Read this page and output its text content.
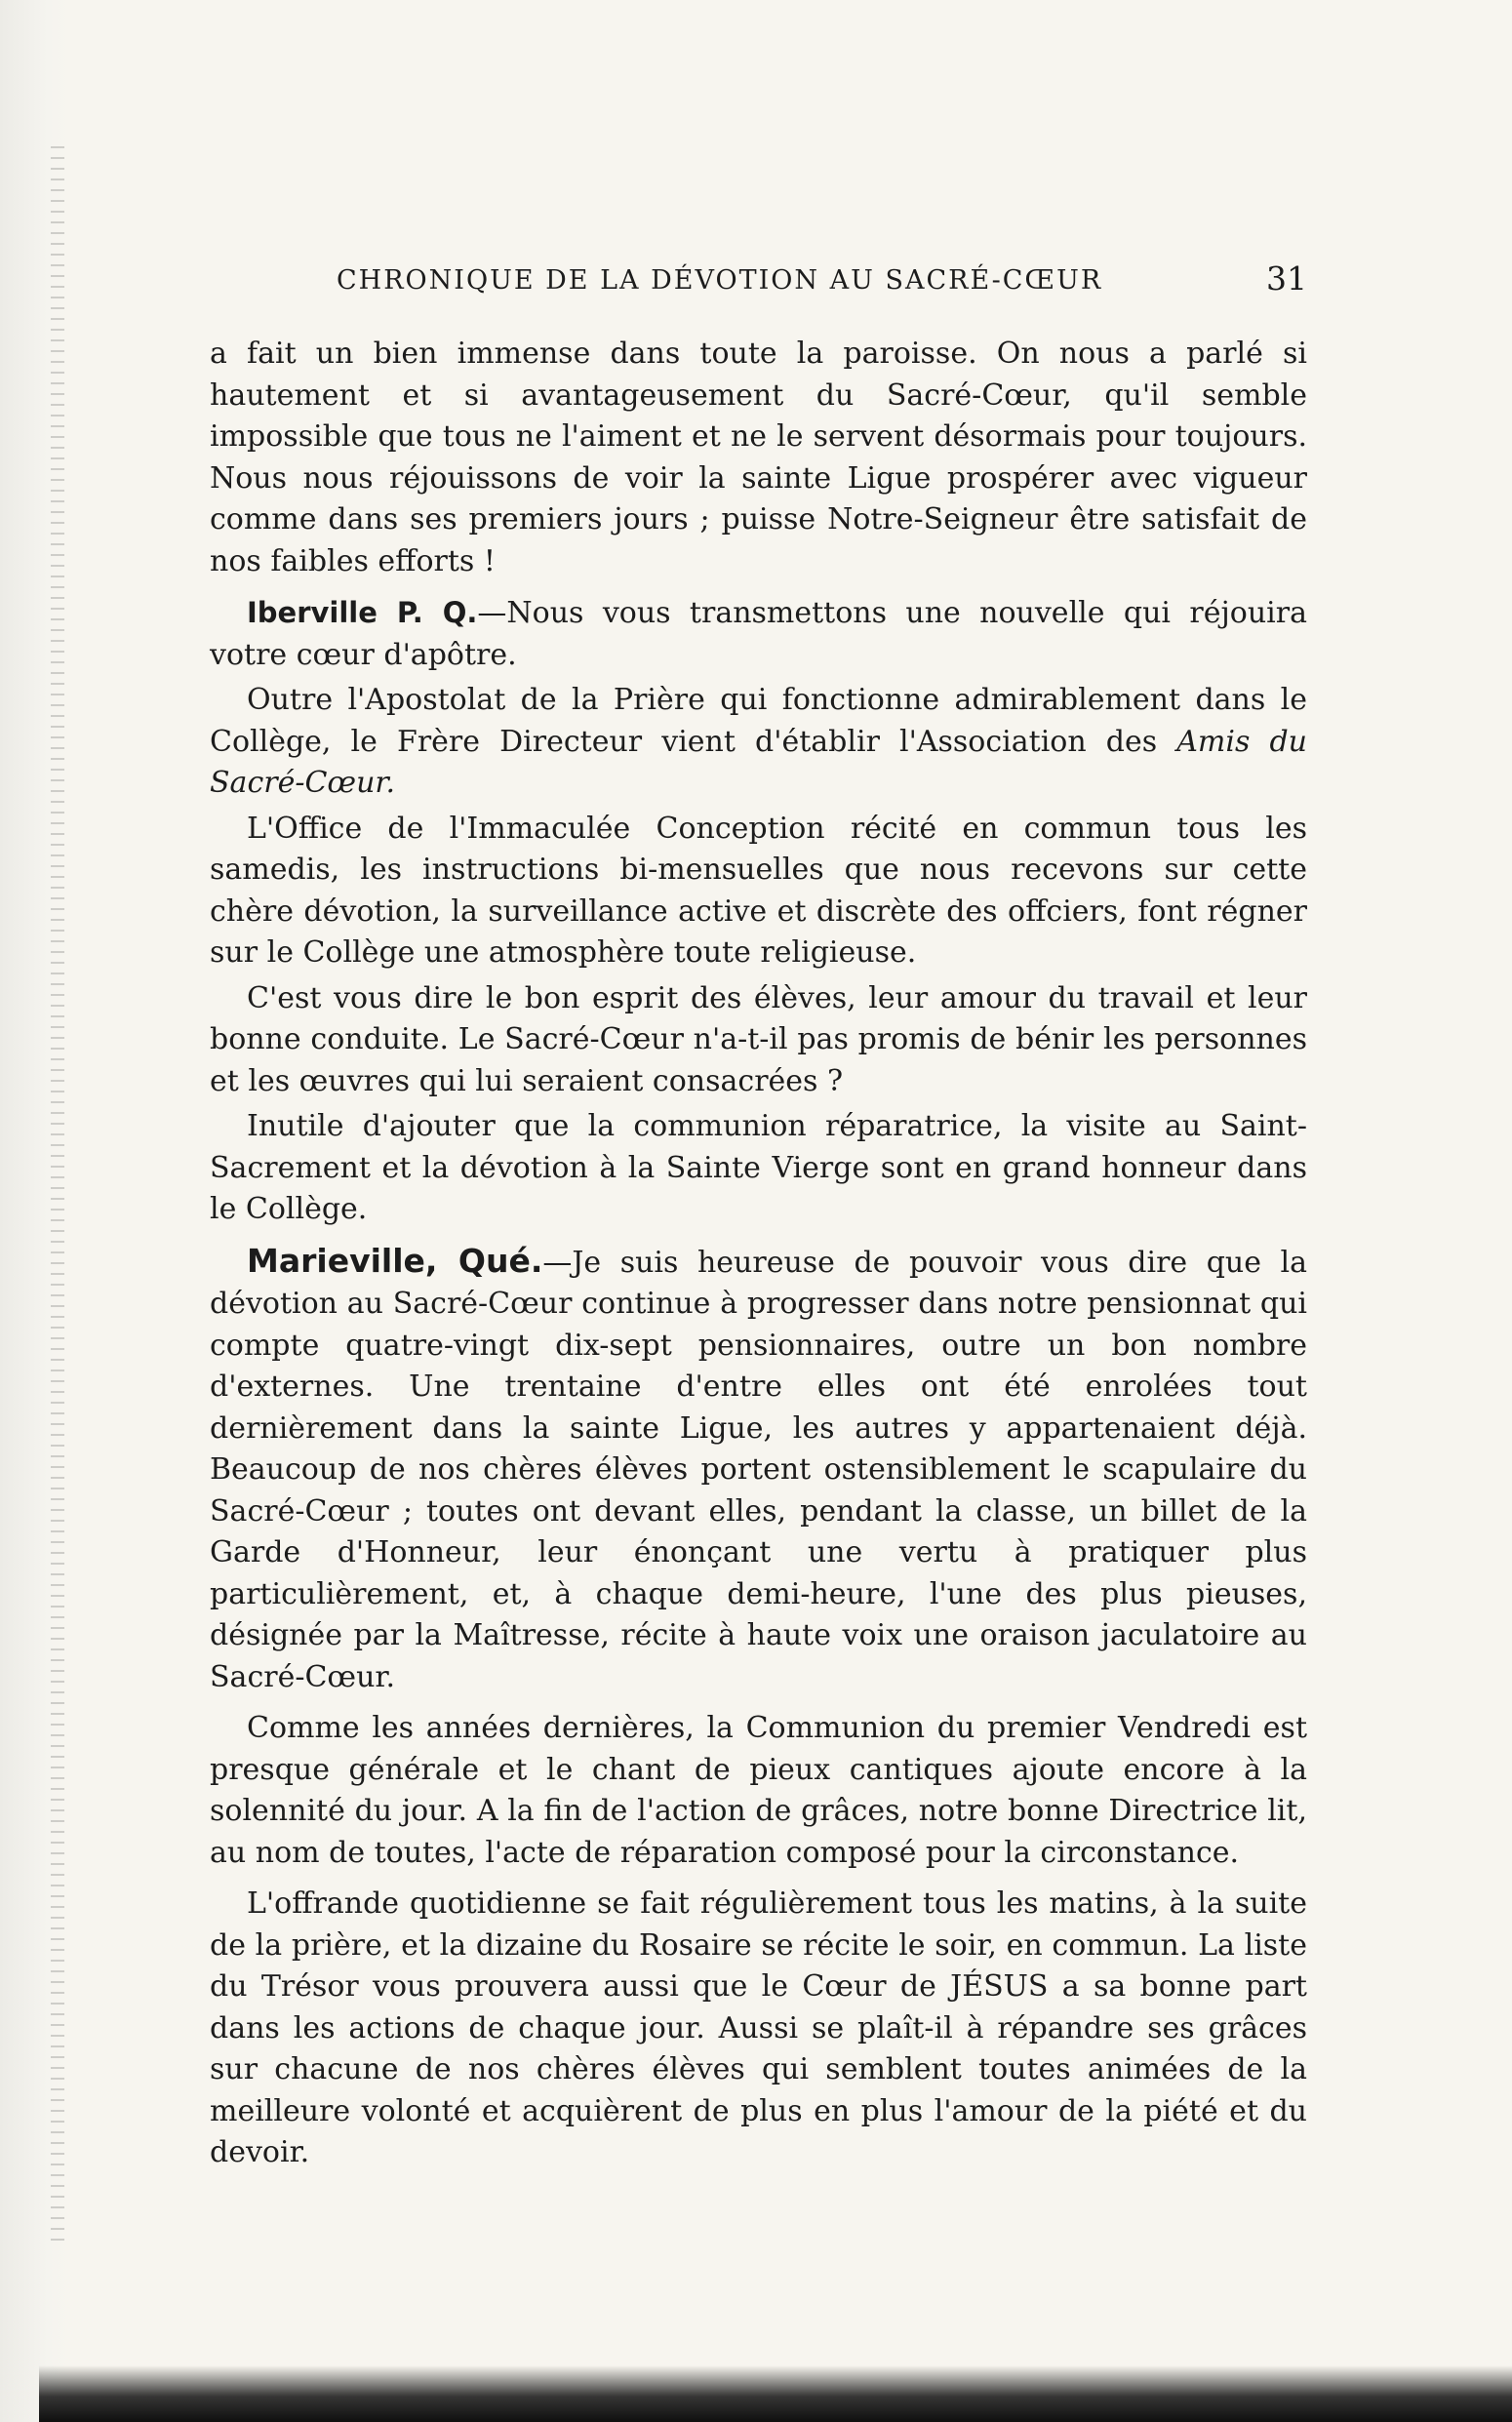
CHRONIQUE DE LA DÉVOTION AU SACRÉ-CŒUR	31

a fait un bien immense dans toute la paroisse. On nous a parlé si hautement et si avantageusement du Sacré-Cœur, qu'il semble impossible que tous ne l'aiment et ne le servent désormais pour toujours. Nous nous réjouissons de voir la sainte Ligue prospérer avec vigueur comme dans ses premiers jours ; puisse Notre-Seigneur être satisfait de nos faibles efforts !

Iberville P. Q.—Nous vous transmettons une nouvelle qui réjouira votre cœur d'apôtre.

Outre l'Apostolat de la Prière qui fonctionne admirablement dans le Collège, le Frère Directeur vient d'établir l'Association des Amis du Sacré-Cœur.

L'Office de l'Immaculée Conception récité en commun tous les samedis, les instructions bi-mensuelles que nous recevons sur cette chère dévotion, la surveillance active et discrète des offciers, font régner sur le Collège une atmosphère toute religieuse.

C'est vous dire le bon esprit des élèves, leur amour du travail et leur bonne conduite. Le Sacré-Cœur n'a-t-il pas promis de bénir les personnes et les œuvres qui lui seraient consacrées ?

Inutile d'ajouter que la communion réparatrice, la visite au Saint-Sacrement et la dévotion à la Sainte Vierge sont en grand honneur dans le Collège.

Marieville, Qué.—Je suis heureuse de pouvoir vous dire que la dévotion au Sacré-Cœur continue à progresser dans notre pensionnat qui compte quatre-vingt dix-sept pensionnaires, outre un bon nombre d'externes. Une trentaine d'entre elles ont été enrolées tout dernièrement dans la sainte Ligue, les autres y appartenaient déjà. Beaucoup de nos chères élèves portent ostensiblement le scapulaire du Sacré-Cœur ; toutes ont devant elles, pendant la classe, un billet de la Garde d'Honneur, leur énonçant une vertu à pratiquer plus particulièrement, et, à chaque demi-heure, l'une des plus pieuses, désignée par la Maîtresse, récite à haute voix une oraison jaculatoire au Sacré-Cœur.

Comme les années dernières, la Communion du premier Vendredi est presque générale et le chant de pieux cantiques ajoute encore à la solennité du jour. A la fin de l'action de grâces, notre bonne Directrice lit, au nom de toutes, l'acte de réparation composé pour la circonstance.

L'offrande quotidienne se fait régulièrement tous les matins, à la suite de la prière, et la dizaine du Rosaire se récite le soir, en commun. La liste du Trésor vous prouvera aussi que le Cœur de JÉSUS a sa bonne part dans les actions de chaque jour. Aussi se plaît-il à répandre ses grâces sur chacune de nos chères élèves qui semblent toutes animées de la meilleure volonté et acquièrent de plus en plus l'amour de la piété et du devoir.
